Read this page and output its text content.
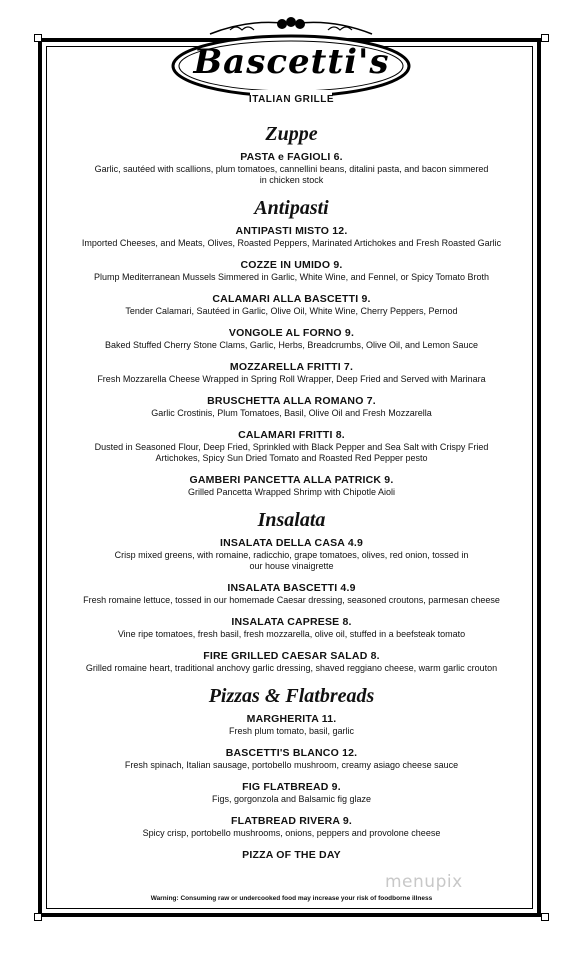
Bascetti's
ITALIAN GRILLE
Zuppe
PASTA e FAGIOLI 6.
Garlic, sautéed with scallions, plum tomatoes, cannellini beans, ditalini pasta, and bacon simmered in chicken stock
Antipasti
ANTIPASTI MISTO 12.
Imported Cheeses, and Meats, Olives, Roasted Peppers, Marinated Artichokes and Fresh Roasted Garlic
COZZE IN UMIDO 9.
Plump Mediterranean Mussels Simmered in Garlic, White Wine, and Fennel, or Spicy Tomato Broth
CALAMARI ALLA BASCETTI 9.
Tender Calamari, Sautéed in Garlic, Olive Oil, White Wine, Cherry Peppers, Pernod
VONGOLE AL FORNO 9.
Baked Stuffed Cherry Stone Clams, Garlic, Herbs, Breadcrumbs, Olive Oil, and Lemon Sauce
MOZZARELLA FRITTI 7.
Fresh Mozzarella Cheese Wrapped in Spring Roll Wrapper, Deep Fried and Served with Marinara
BRUSCHETTA ALLA ROMANO 7.
Garlic Crostinis, Plum Tomatoes, Basil, Olive Oil and Fresh Mozzarella
CALAMARI FRITTI 8.
Dusted in Seasoned Flour, Deep Fried, Sprinkled with Black Pepper and Sea Salt with Crispy Fried Artichokes, Spicy Sun Dried Tomato and Roasted Red Pepper pesto
GAMBERI PANCETTA ALLA PATRICK 9.
Grilled Pancetta Wrapped Shrimp with Chipotle Aioli
Insalata
INSALATA DELLA CASA 4.9
Crisp mixed greens, with romaine, radicchio, grape tomatoes, olives, red onion, tossed in our house vinaigrette
INSALATA BASCETTI 4.9
Fresh romaine lettuce, tossed in our homemade Caesar dressing, seasoned croutons, parmesan cheese
INSALATA CAPRESE 8.
Vine ripe tomatoes, fresh basil, fresh mozzarella, olive oil, stuffed in a beefsteak tomato
FIRE GRILLED CAESAR SALAD 8.
Grilled romaine heart, traditional anchovy garlic dressing, shaved reggiano cheese, warm garlic crouton
Pizzas & Flatbreads
MARGHERITA 11.
Fresh plum tomato, basil, garlic
BASCETTI'S BLANCO 12.
Fresh spinach, Italian sausage, portobello mushroom, creamy asiago cheese sauce
FIG FLATBREAD 9.
Figs, gorgonzola and Balsamic fig glaze
FLATBREAD RIVERA 9.
Spicy crisp, portobello mushrooms, onions, peppers and provolone cheese
PIZZA OF THE DAY
menupix
Warning: Consuming raw or undercooked food may increase your risk of foodborne illness
